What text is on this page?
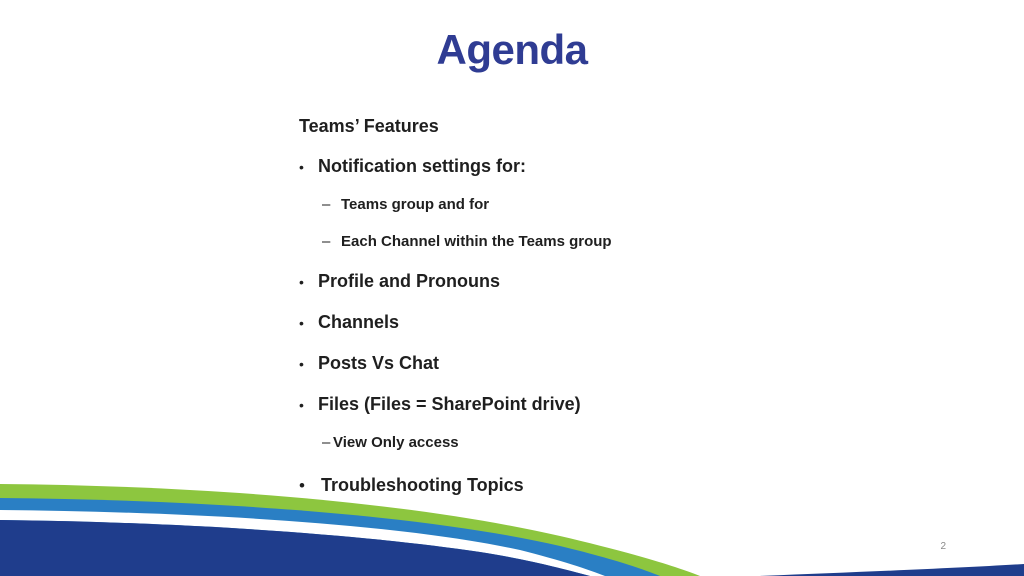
Agenda
Teams’ Features
• Notification settings for:
– Teams group and for
– Each Channel within the Teams group
• Profile and Pronouns
• Channels
• Posts Vs Chat
• Files (Files = SharePoint drive)
– View Only access
• Troubleshooting Topics
2
